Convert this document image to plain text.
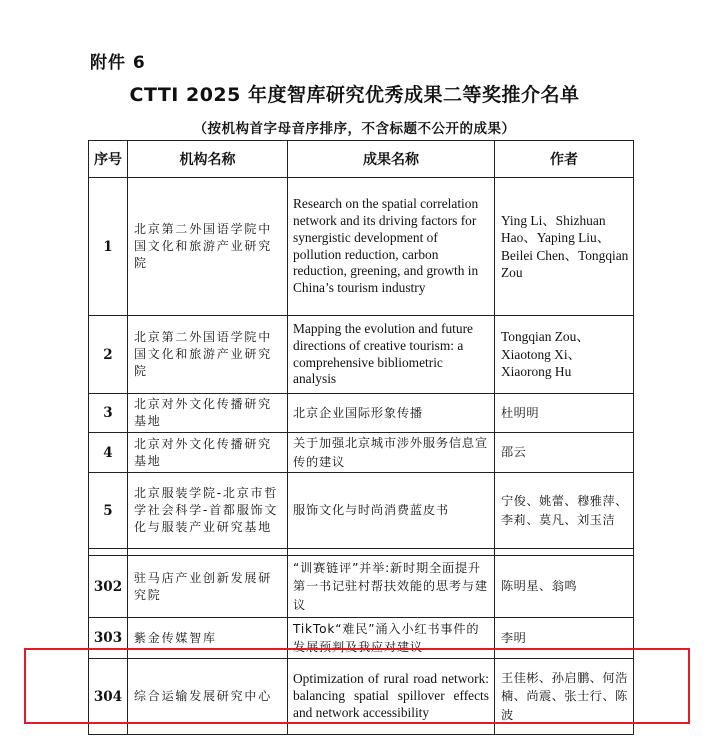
附件 6
CTTI 2025 年度智库研究优秀成果二等奖推介名单
（按机构首字母音序排序，不含标题不公开的成果）
序号	机构名称	成果名称	作者
1	北京第二外国语学院中国文化和旅游产业研究院	Research on the spatial correlation network and its driving factors for synergistic development of pollution reduction, carbon reduction, greening, and growth in China’s tourism industry	Ying Li、Shizhuan Hao、Yaping Liu、Beilei Chen、Tongqian Zou
2	北京第二外国语学院中国文化和旅游产业研究院	Mapping the evolution and future directions of creative tourism: a comprehensive bibliometric analysis	Tongqian Zou、Xiaotong Xi、Xiaorong Hu
3	北京对外文化传播研究基地	北京企业国际形象传播	杜明明
4	北京对外文化传播研究基地	关于加强北京城市涉外服务信息宣传的建议	邵云
5	北京服装学院-北京市哲学社会科学-首都服饰文化与服装产业研究基地	服饰文化与时尚消费蓝皮书	宁俊、姚蕾、穆雅萍、李莉、莫凡、刘玉洁

302	驻马店产业创新发展研究院	“训赛链评”并举:新时期全面提升第一书记驻村帮扶效能的思考与建议	陈明星、翁鸣
303	紫金传媒智库	TikTok“难民”涌入小红书事件的发展预判及我应对建议	李明
304	综合运输发展研究中心	Optimization of rural road network: balancing spatial spillover effects and network accessibility	王佳彬、孙启鹏、何浩楠、尚震、张士行、陈波
